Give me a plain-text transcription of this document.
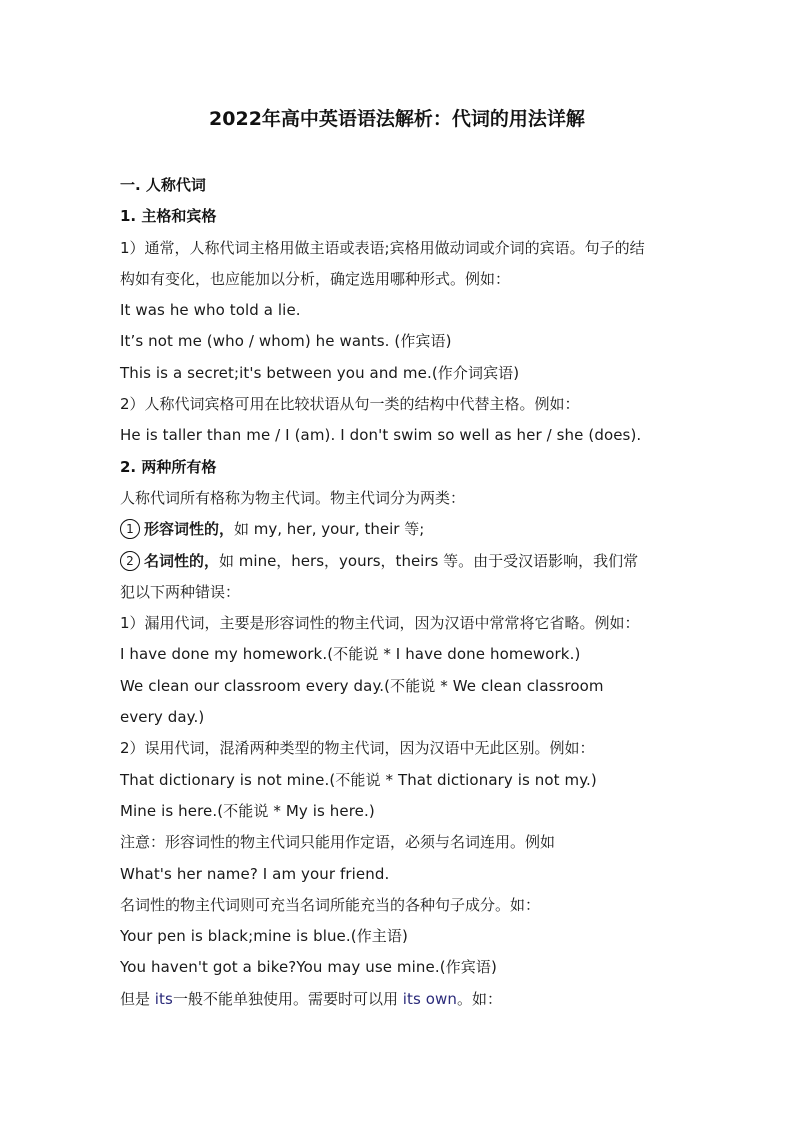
2022年高中英语语法解析：代词的用法详解
一. 人称代词
1. 主格和宾格
1）通常，人称代词主格用做主语或表语;宾格用做动词或介词的宾语。句子的结
构如有变化，也应能加以分析，确定选用哪种形式。例如：
It was he who told a lie.
It’s not me (who / whom) he wants. (作宾语)
This is a secret;it's between you and me.(作介词宾语)
2）人称代词宾格可用在比较状语从句一类的结构中代替主格。例如：
He is taller than me / I (am). I don't swim so well as her / she (does).
2. 两种所有格
人称代词所有格称为物主代词。物主代词分为两类：
1 形容词性的，如 my, her, your, their 等;
2 名词性的，如 mine，hers，yours，theirs 等。由于受汉语影响，我们常
犯以下两种错误：
1）漏用代词，主要是形容词性的物主代词，因为汉语中常常将它省略。例如：
I have done my homework.(不能说 * I have done homework.)
We clean our classroom every day.(不能说 * We clean classroom
every day.)
2）误用代词，混淆两种类型的物主代词，因为汉语中无此区别。例如：
That dictionary is not mine.(不能说 * That dictionary is not my.)
Mine is here.(不能说 * My is here.)
注意：形容词性的物主代词只能用作定语，必须与名词连用。例如
What's her name? I am your friend.
名词性的物主代词则可充当名词所能充当的各种句子成分。如：
Your pen is black;mine is blue.(作主语)
You haven't got a bike?You may use mine.(作宾语)
但是 its一般不能单独使用。需要时可以用 its own。如：
